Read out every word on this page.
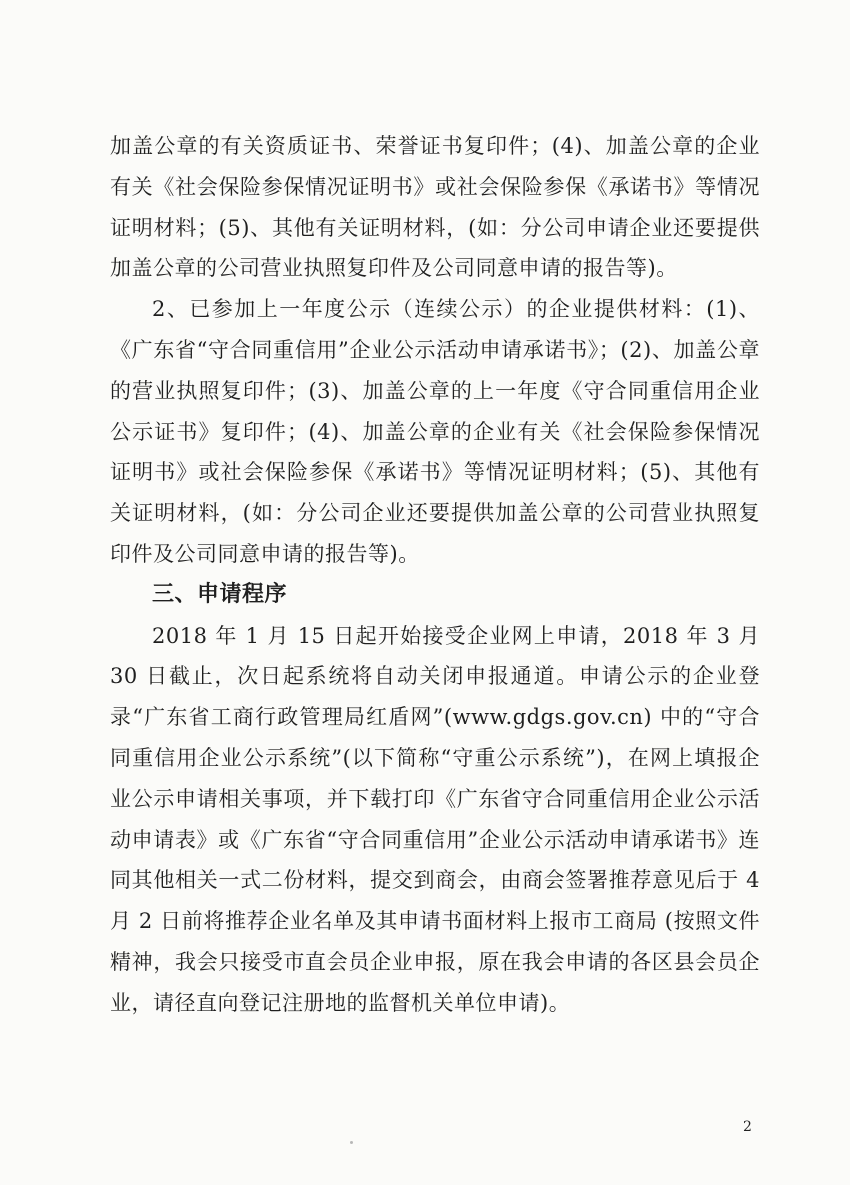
加盖公章的有关资质证书、荣誉证书复印件；(4)、加盖公章的企业有关《社会保险参保情况证明书》或社会保险参保《承诺书》等情况证明材料；(5)、其他有关证明材料，(如：分公司申请企业还要提供加盖公章的公司营业执照复印件及公司同意申请的报告等)。

2、已参加上一年度公示（连续公示）的企业提供材料：(1)、《广东省“守合同重信用”企业公示活动申请承诺书》；(2)、加盖公章的营业执照复印件；(3)、加盖公章的上一年度《守合同重信用企业公示证书》复印件；(4)、加盖公章的企业有关《社会保险参保情况证明书》或社会保险参保《承诺书》等情况证明材料；(5)、其他有关证明材料，(如：分公司企业还要提供加盖公章的公司营业执照复印件及公司同意申请的报告等)。

三、申请程序

2018 年 1 月 15 日起开始接受企业网上申请，2018 年 3 月 30 日截止，次日起系统将自动关闭申报通道。申请公示的企业登录“广东省工商行政管理局红盾网”(www.gdgs.gov.cn) 中的“守合同重信用企业公示系统”(以下简称“守重公示系统”)，在网上填报企业公示申请相关事项，并下载打印《广东省守合同重信用企业公示活动申请表》或《广东省“守合同重信用”企业公示活动申请承诺书》连同其他相关一式二份材料，提交到商会，由商会签署推荐意见后于 4 月 2 日前将推荐企业名单及其申请书面材料上报市工商局 (按照文件精神，我会只接受市直会员企业申报，原在我会申请的各区县会员企业，请径直向登记注册地的监督机关单位申请)。

2
